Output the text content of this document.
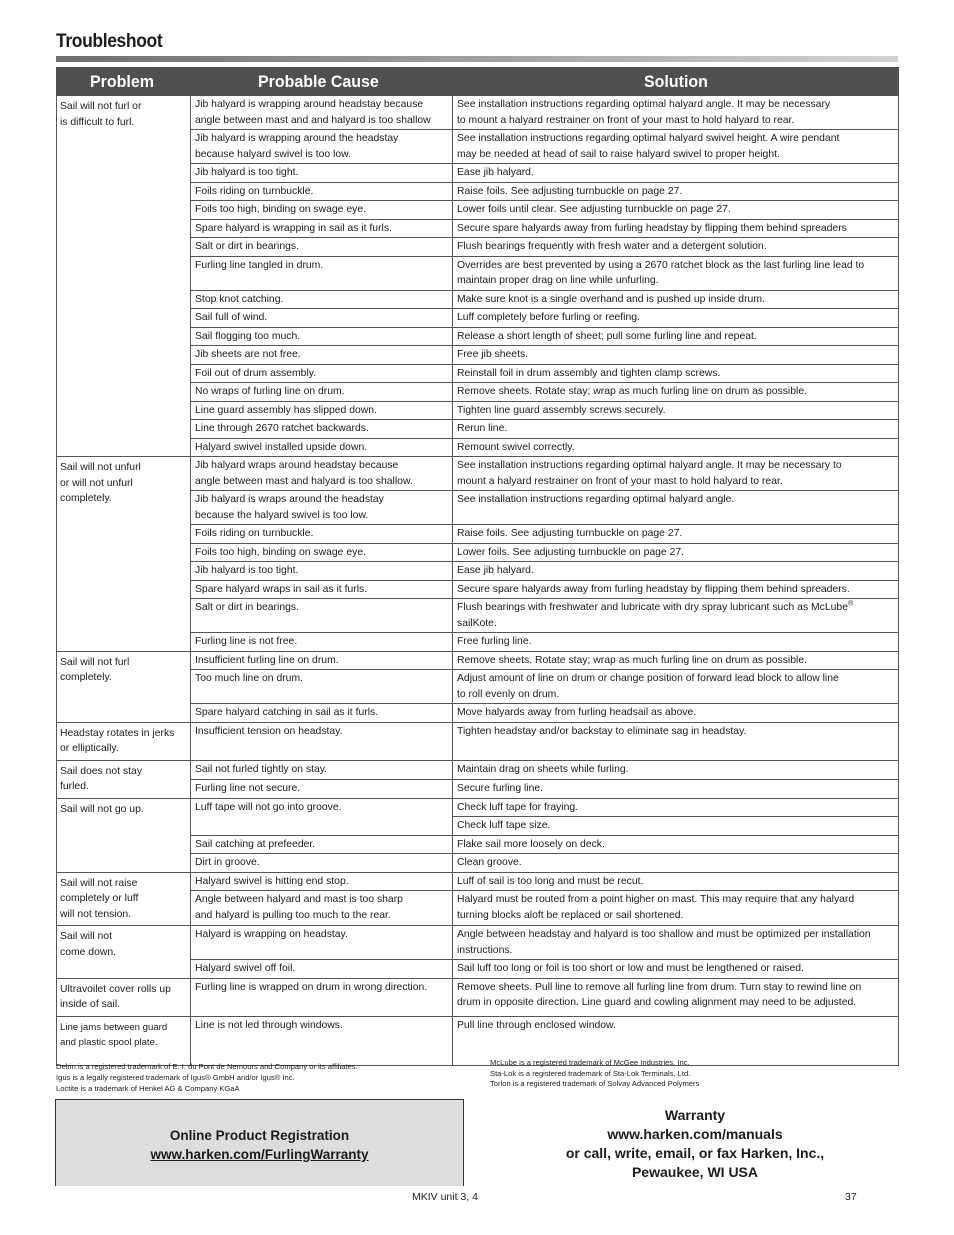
Troubleshoot
Problem	Probable Cause	Solution
Sail will not furl or
is difficult to furl.	Jib halyard is wrapping around headstay because
angle between mast and and halyard is too shallow	See installation instructions regarding optimal halyard angle. It may be necessary
to mount a halyard restrainer on front of your mast to hold halyard to rear.
	Jib halyard is wrapping around the headstay
because halyard swivel is too low.	See installation instructions regarding optimal halyard swivel height. A wire pendant
may be needed at head of sail to raise halyard swivel to proper height.
	Jib halyard is too tight.	Ease jib halyard.
	Foils riding on turnbuckle.	Raise foils. See adjusting turnbuckle on page 27.
	Foils too high, binding on swage eye.	Lower foils until clear. See adjusting turnbuckle on page 27.
	Spare halyard is wrapping in sail as it furls.	Secure spare halyards away from furling headstay by flipping them behind spreaders
	Salt or dirt in bearings.	Flush bearings frequently with fresh water and a detergent solution.
	Furling line tangled in drum.	Overrides are best prevented by using a 2670 ratchet block as the last furling line lead to
maintain proper drag on line while unfurling.
	Stop knot catching.	Make sure knot is a single overhand and is pushed up inside drum.
	Sail full of wind.	Luff completely before furling or reefing.
	Sail flogging too much.	Release a short length of sheet; pull some furling line and repeat.
	Jib sheets are not free.	Free jib sheets.
	Foil out of drum assembly.	Reinstall foil in drum assembly and tighten clamp screws.
	No wraps of furling line on drum.	Remove sheets. Rotate stay; wrap as much furling line on drum as possible.
	Line guard assembly has slipped down.	Tighten line guard assembly screws securely.
	Line through 2670 ratchet backwards.	Rerun line.
	Halyard swivel installed upside down.	Remount swivel correctly.
Sail will not unfurl
or will not unfurl
completely.	Jib halyard wraps around headstay because
angle between mast and halyard is too shallow.	See installation instructions regarding optimal halyard angle. It may be necessary to
mount a halyard restrainer on front of your mast to hold halyard to rear.
	Jib halyard is wraps around the headstay
because the halyard swivel is too low.	See installation instructions regarding optimal halyard angle.
	Foils riding on turnbuckle.	Raise foils. See adjusting turnbuckle on page 27.
	Foils too high, binding on swage eye.	Lower foils. See adjusting turnbuckle on page 27.
	Jib halyard is too tight.	Ease jib halyard.
	Spare halyard wraps in sail as it furls.	Secure spare halyards away from furling headstay by flipping them behind spreaders.
	Salt or dirt in bearings.	Flush bearings with freshwater and lubricate with dry spray lubricant such as McLube®
sailKote.
	Furling line is not free.	Free furling line.
Sail will not furl
completely.	Insufficient furling line on drum.	Remove sheets. Rotate stay; wrap as much furling line on drum as possible.
	Too much line on drum.	Adjust amount of line on drum or change position of forward lead block to allow line
to roll evenly on drum.
	Spare halyard catching in sail as it furls.	Move halyards away from furling headsail as above.
Headstay rotates in jerks
or elliptically.	Insufficient tension on headstay.	Tighten headstay and/or backstay to eliminate sag in headstay.
Sail does not stay
furled.	Sail not furled tightly on stay.	Maintain drag on sheets while furling.
	Furling line not secure.	Secure furling line.
Sail will not go up.	Luff tape will not go into groove.	Check luff tape for fraying.
		Check luff tape size.
	Sail catching at prefeeder.	Flake sail more loosely on deck.
	Dirt in groove.	Clean groove.
Sail will not raise
completely or luff
will not tension.	Halyard swivel is hitting end stop.	Luff of sail is too long and must be recut.
	Angle between halyard and mast is too sharp
and halyard is pulling too much to the rear.	Halyard must be routed from a point higher on mast. This may require that any halyard
turning blocks aloft be replaced or sail shortened.
Sail will not
come down.	Halyard is wrapping on headstay.	Angle between headstay and halyard is too shallow and must be optimized per installation
instructions.
	Halyard swivel off foil.	Sail luff too long or foil is too short or low and must be lengthened or raised.
Ultravoilet cover rolls up
inside of sail.	Furling line is wrapped on drum in wrong direction.	Remove sheets. Pull line to remove all furling line from drum. Turn stay to rewind line on
drum in opposite direction. Line guard and cowling alignment may need to be adjusted.
Line jams between guard
and plastic spool plate.	Line is not led through windows.	Pull line through enclosed window.
Delrin is a registered trademark of E. I. du Pont de Nemours and Company or its affiliates.
Igus is a legally registered trademark of Igus® GmbH and/or Igus® Inc.
Loctite is a trademark of Henkel AG & Company KGaA
McLube is a registered trademark of McGee Industries, Inc.
Sta-Lok is a registered trademark of Sta-Lok Terminals, Ltd.
Torlon is a registered trademark of Solvay Advanced Polymers
Online Product Registration
www.harken.com/FurlingWarranty
Warranty
www.harken.com/manuals
or call, write, email, or fax Harken, Inc.,
Pewaukee, WI USA
MKIV unit 3, 4	37
